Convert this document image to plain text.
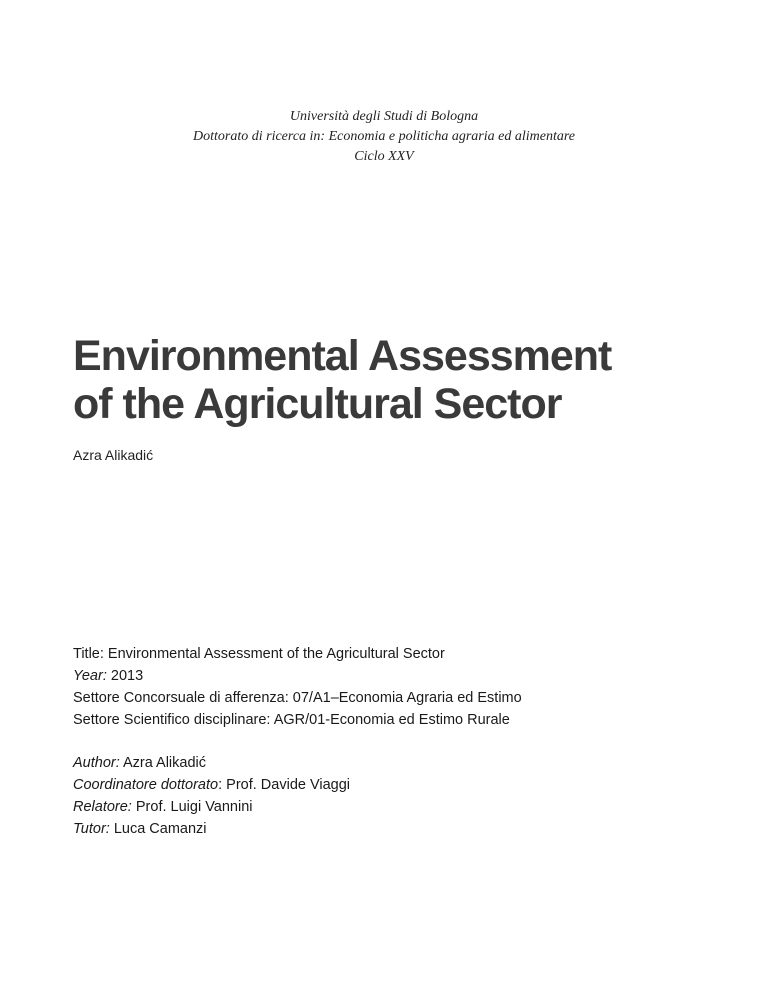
Università degli Studi di Bologna
Dottorato di ricerca in: Economia e politicha agraria ed alimentare
Ciclo XXV
Environmental Assessment
of the Agricultural Sector
Azra Alikadić
Title: Environmental Assessment of the Agricultural Sector
Year: 2013
Settore Concorsuale di afferenza: 07/A1–Economia Agraria ed Estimo
Settore Scientifico disciplinare: AGR/01-Economia ed Estimo Rurale
Author: Azra Alikadić
Coordinatore dottorato: Prof. Davide Viaggi
Relatore: Prof. Luigi Vannini
Tutor: Luca Camanzi
